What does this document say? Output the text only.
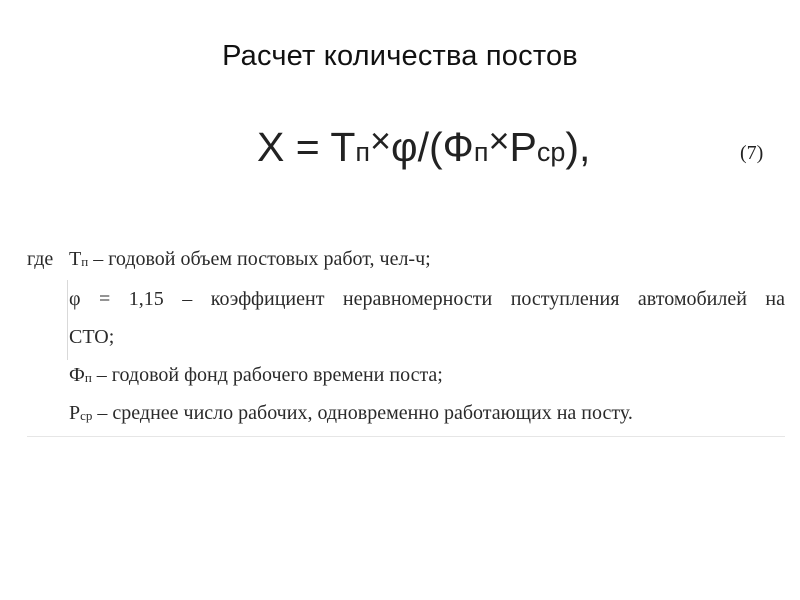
Расчет количества постов
X = Tп×φ/(Фп×Pср),	(7)
где Tп – годовой объем постовых работ, чел-ч;
φ = 1,15 – коэффициент неравномерности поступления автомобилей на
СТО;
Фп – годовой фонд рабочего времени поста;
Pср – среднее число рабочих, одновременно работающих на посту.
